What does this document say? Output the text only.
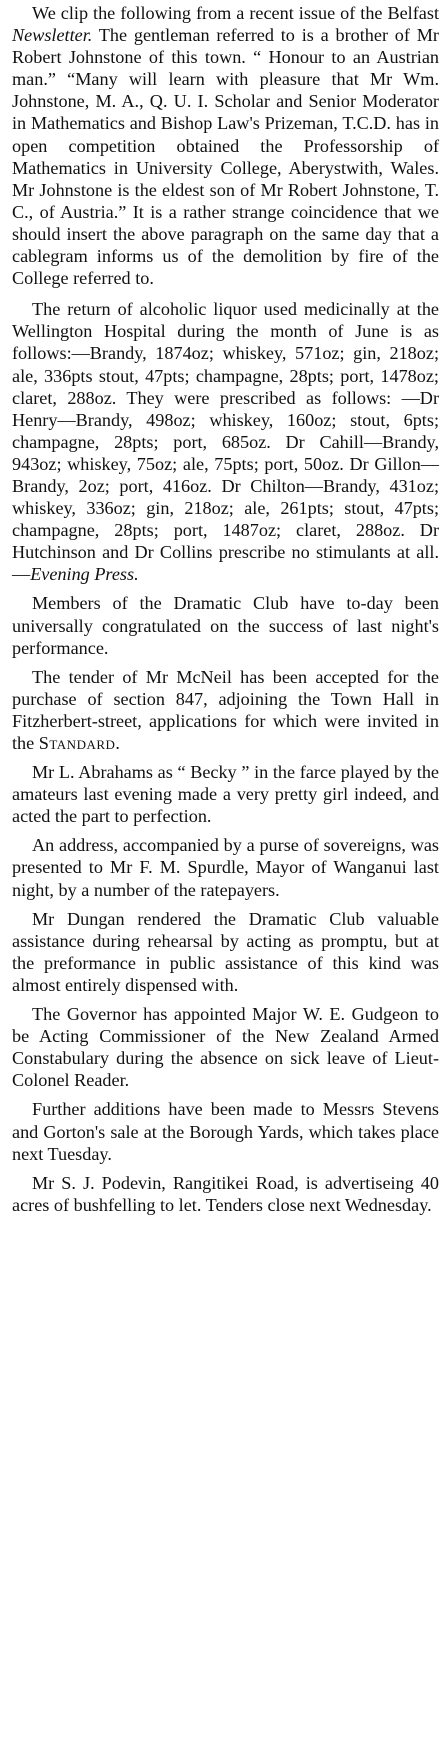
We clip the following from a recent issue of the Belfast Newsletter. The gentleman referred to is a brother of Mr Robert Johnstone of this town. “ Honour to an Austrian man.” “Many will learn with pleasure that Mr Wm. Johnstone, M. A., Q. U. I. Scholar and Senior Moderator in Mathematics and Bishop Law's Prizeman, T.C.D. has in open competition obtained the Professorship of Mathematics in University College, Aberystwith, Wales. Mr Johnstone is the eldest son of Mr Robert Johnstone, T. C., of Austria.” It is a rather strange coincidence that we should insert the above paragraph on the same day that a cablegram informs us of the demolition by fire of the College referred to.

The return of alcoholic liquor used medicinally at the Wellington Hospital during the month of June is as follows:—Brandy, 1874oz; whiskey, 571oz; gin, 218oz; ale, 336pts stout, 47pts; champagne, 28pts; port, 1478oz; claret, 288oz. They were prescribed as follows: —Dr Henry—Brandy, 498oz; whiskey, 160oz; stout, 6pts; champagne, 28pts; port, 685oz. Dr Cahill—Brandy, 943oz; whiskey, 75oz; ale, 75pts; port, 50oz. Dr Gillon—Brandy, 2oz; port, 416oz. Dr Chilton—Brandy, 431oz; whiskey, 336oz; gin, 218oz; ale, 261pts; stout, 47pts; champagne, 28pts; port, 1487oz; claret, 288oz. Dr Hutchinson and Dr Collins prescribe no stimulants at all.—Evening Press.

Members of the Dramatic Club have to-day been universally congratulated on the success of last night's performance.

The tender of Mr McNeil has been accepted for the purchase of section 847, adjoining the Town Hall in Fitzherbert-street, applications for which were invited in the Standard.

Mr L. Abrahams as “ Becky ” in the farce played by the amateurs last evening made a very pretty girl indeed, and acted the part to perfection.

An address, accompanied by a purse of sovereigns, was presented to Mr F. M. Spurdle, Mayor of Wanganui last night, by a number of the ratepayers.

Mr Dungan rendered the Dramatic Club valuable assistance during rehearsal by acting as promptu, but at the preformance in public assistance of this kind was almost entirely dispensed with.

The Governor has appointed Major W. E. Gudgeon to be Acting Commissioner of the New Zealand Armed Constabulary during the absence on sick leave of Lieut-Colonel Reader.

Further additions have been made to Messrs Stevens and Gorton's sale at the Borough Yards, which takes place next Tuesday.

Mr S. J. Podevin, Rangitikei Road, is advertiseing 40 acres of bushfelling to let. Tenders close next Wednesday.
